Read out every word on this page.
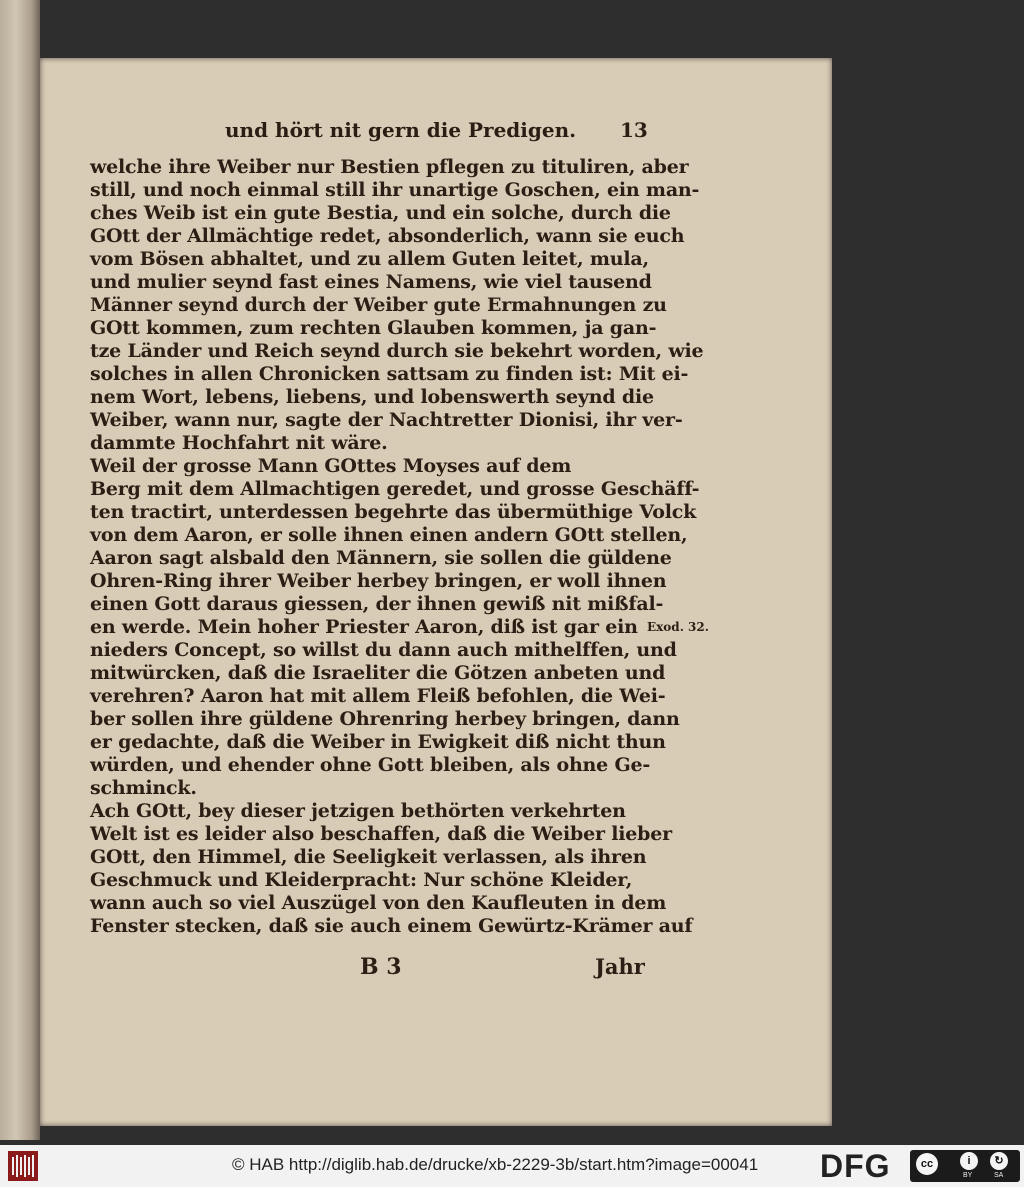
und hört nit gern die Predigen. 13
welche ihre Weiber nur Bestien pflegen zu tituliren, aber
still, und noch einmal still ihr unartige Goschen, ein man-
ches Weib ist ein gute Bestia, und ein solche, durch die
GOtt der Allmächtige redet, absonderlich, wann sie euch
vom Bösen abhaltet, und zu allem Guten leitet, mula,
und mulier seynd fast eines Namens, wie viel tausend
Männer seynd durch der Weiber gute Ermahnungen zu
GOtt kommen, zum rechten Glauben kommen, ja gan-
tze Länder und Reich seynd durch sie bekehrt worden, wie
solches in allen Chronicken sattsam zu finden ist: Mit ei-
nem Wort, lebens, liebens, und lobenswerth seynd die
Weiber, wann nur, sagte der Nachtretter Dionisi, ihr ver-
dammte Hochfahrt nit wäre.
Weil der grosse Mann GOttes Moyses auf dem
Berg mit dem Allmachtigen geredet, und grosse Geschäff-
ten tractirt, unterdessen begehrte das übermüthige Volck
von dem Aaron, er solle ihnen einen andern GOtt stellen,
Aaron sagt alsbald den Männern, sie sollen die güldene
Ohren-Ring ihrer Weiber herbey bringen, er woll ihnen
einen Gott daraus giessen, der ihnen gewiß nit mißfal-
en werde. Mein hoher Priester Aaron, diß ist gar ein
nieders Concept, so willst du dann auch mithelffen, und
mitwürcken, daß die Israeliter die Götzen anbeten und
verehren? Aaron hat mit allem Fleiß befohlen, die Wei-
ber sollen ihre güldene Ohrenring herbey bringen, dann
er gedachte, daß die Weiber in Ewigkeit diß nicht thun
würden, und ehender ohne Gott bleiben, als ohne Ge-
schminck.
Ach GOtt, bey dieser jetzigen bethörten verkehrten
Welt ist es leider also beschaffen, daß die Weiber lieber
GOtt, den Himmel, die Seeligkeit verlassen, als ihren
Geschmuck und Kleiderpracht: Nur schöne Kleider,
wann auch so viel Auszügel von den Kaufleuten in dem
Fenster stecken, daß sie auch einem Gewürtz-Krämer auf
Exod. 32.
B 3	Jahr
© HAB http://diglib.hab.de/drucke/xb-2229-3b/start.htm?image=00041 DFG	cc	i	↻
BY	SA
